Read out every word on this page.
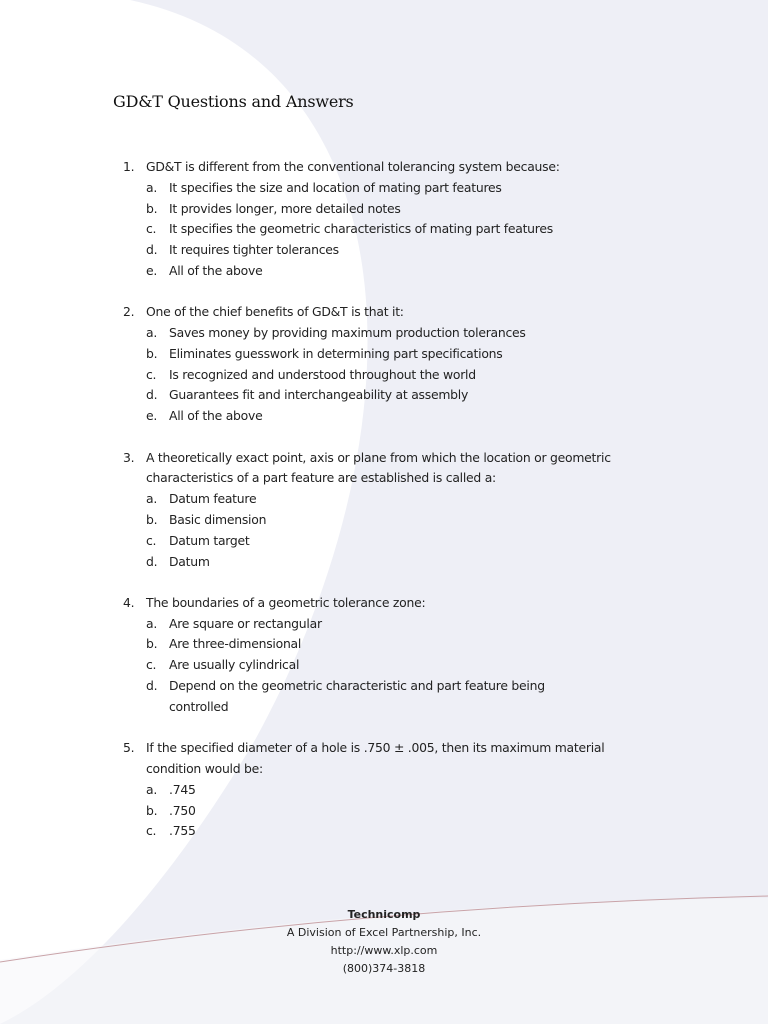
GD&T Questions and Answers
1. GD&T is different from the conventional tolerancing system because:
a. It specifies the size and location of mating part features
b. It provides longer, more detailed notes
c.	It specifies the geometric characteristics of mating part features
d. It requires tighter tolerances
e. All of the above
2. One of the chief benefits of GD&T is that it:
a. Saves money by providing maximum production tolerances
b. Eliminates guesswork in determining part specifications
c.	Is recognized and understood throughout the world
d. Guarantees fit and interchangeability at assembly
e. All of the above
3. A theoretically exact point, axis or plane from which the location or geometric characteristics of a part feature are established is called a:
a. Datum feature
b. Basic dimension
c.	Datum target
d. Datum
4. The boundaries of a geometric tolerance zone:
a. Are square or rectangular
b. Are three-dimensional
c.	Are usually cylindrical
d. Depend on the geometric characteristic and part feature being controlled
5. If the specified diameter of a hole is .750 ± .005, then its maximum material condition would be:
a. .745
b. .750
c.	.755
Technicomp
A Division of Excel Partnership, Inc.
http://www.xlp.com
(800)374-3818
